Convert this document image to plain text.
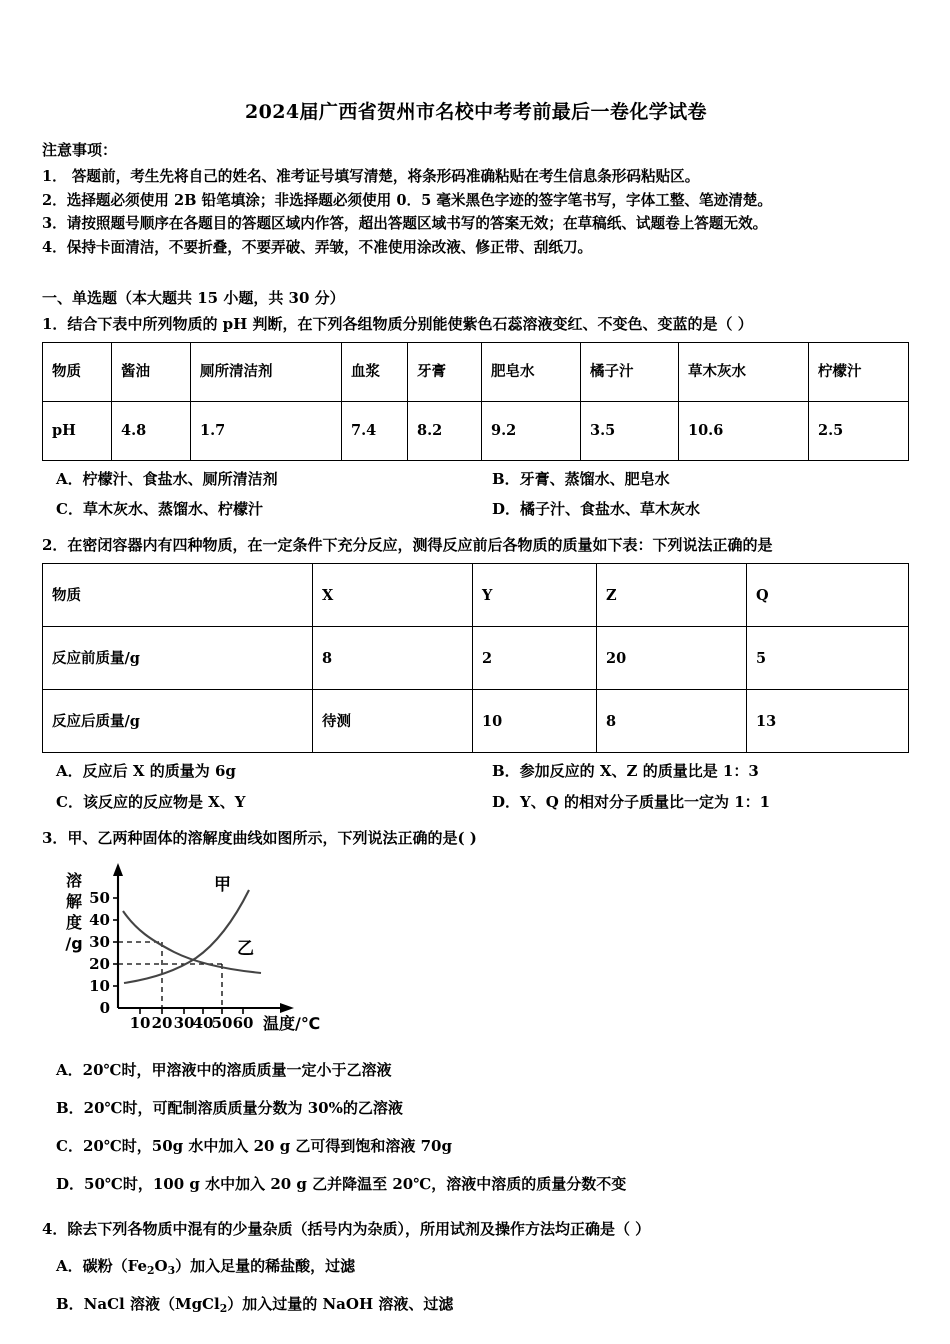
2024届广西省贺州市名校中考考前最后一卷化学试卷

注意事项：

1． 答题前，考生先将自己的姓名、准考证号填写清楚，将条形码准确粘贴在考生信息条形码粘贴区。

2．选择题必须使用 2B 铅笔填涂；非选择题必须使用 0．5 毫米黑色字迹的签字笔书写，字体工整、笔迹清楚。

3．请按照题号顺序在各题目的答题区域内作答，超出答题区域书写的答案无效；在草稿纸、试题卷上答题无效。

4．保持卡面清洁，不要折叠，不要弄破、弄皱，不准使用涂改液、修正带、刮纸刀。

一、单选题（本大题共 15 小题，共 30 分）

1．结合下表中所列物质的 pH 判断，在下列各组物质分别能使紫色石蕊溶液变红、不变色、变蓝的是（ ）

物质	酱油	厕所清洁剂	血浆	牙膏	肥皂水	橘子汁	草木灰水	柠檬汁
pH	4.8	1.7	7.4	8.2	9.2	3.5	10.6	2.5
A．柠檬汁、食盐水、厕所清洁剂	B．牙膏、蒸馏水、肥皂水
C．草木灰水、蒸馏水、柠檬汁	D．橘子汁、食盐水、草木灰水

2．在密闭容器内有四种物质，在一定条件下充分反应，测得反应前后各物质的质量如下表：下列说法正确的是

物质	X	Y	Z	Q
反应前质量/g	8	2	20	5
反应后质量/g	待测	10	8	13
A．反应后 X 的质量为 6g	B．参加反应的 X、Z 的质量比是 1：3
C．该反应的反应物是 X、Y	D．Y、Q 的相对分子质量比一定为 1：1

3．甲、乙两种固体的溶解度曲线如图所示，下列说法正确的是( )

0
10
20
30
40
50
10 20 30
40
50 60 温度/℃
溶
解
度
/g
甲
乙
A．20℃时，甲溶液中的溶质质量一定小于乙溶液
B．20℃时，可配制溶质质量分数为 30%的乙溶液
C．20℃时，50g 水中加入 20 g 乙可得到饱和溶液 70g
D．50℃时，100 g 水中加入 20 g 乙并降温至 20℃，溶液中溶质的质量分数不变

4．除去下列各物质中混有的少量杂质（括号内为杂质），所用试剂及操作方法均正确是（ ）

A．碳粉$(Fe_2O_3)$加入足量的稀盐酸，过滤
B．NaCl 溶液（MgCl$_2$）加入过量的 NaOH 溶液、过滤
